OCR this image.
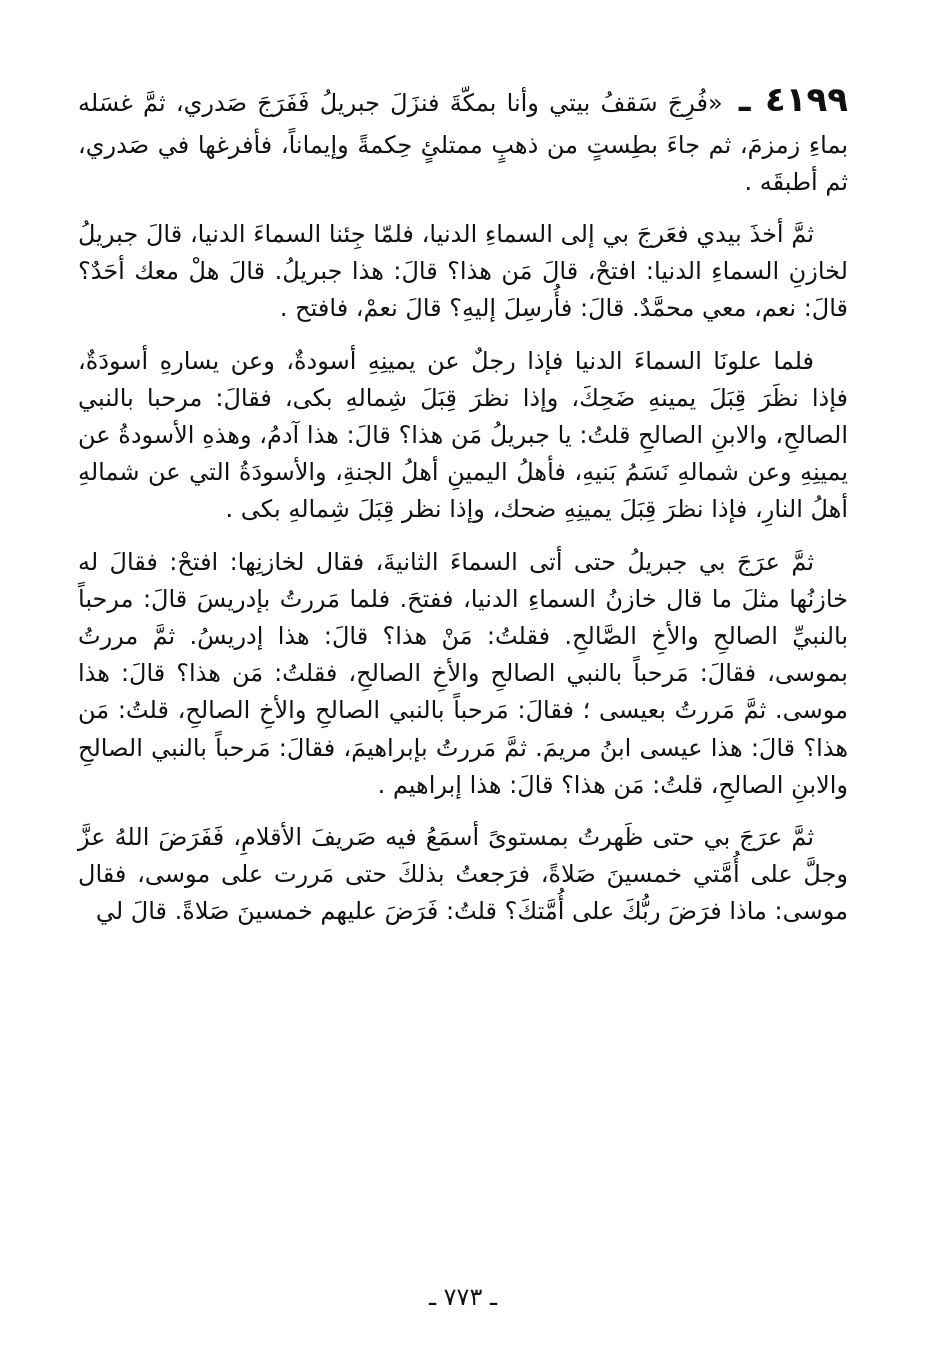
٤١٩٩ ـ «فُرِجَ سَقفُ بيتي وأنا بمكّةَ فنزَلَ جبريلُ فَفَرَجَ صَدري، ثمَّ غسَله بماءِ زمزمَ، ثم جاءَ بطِستٍ من ذهبٍ ممتلئٍ حِكمةً وإيماناً، فأفرغها في صَدري، ثم أطبقَه .

ثمَّ أخذَ بيدي فعَرجَ بي إلى السماءِ الدنيا، فلمّا جِئنا السماءَ الدنيا، قالَ جبريلُ لخازنِ السماءِ الدنيا: افتحْ، قالَ مَن هذا؟ قالَ: هذا جبريلُ. قالَ هلْ معك أحَدٌ؟ قالَ: نعم، معي محمَّدٌ. قالَ: فأُرسِلَ إليهِ؟ قالَ نعمْ، فافتح .

فلما علونَا السماءَ الدنيا فإذا رجلٌ عن يمينِهِ أسودةٌ، وعن يسارهِ أسودَةٌ، فإذا نظَرَ قِبَلَ يمينهِ ضَحِكَ، وإذا نظرَ قِبَلَ شِمالهِ بكى، فقالَ: مرحبا بالنبي الصالحِ، والابنِ الصالحِ قلتُ: يا جبريلُ مَن هذا؟ قالَ: هذا آدمُ، وهذهِ الأسودةُ عن يمينِهِ وعن شمالهِ نَسَمُ بَنيهِ، فأهلُ اليمينِ أهلُ الجنةِ، والأسودَةُ التي عن شمالهِ أهلُ النارِ، فإذا نظرَ قِبَلَ يمينِهِ ضحك، وإذا نظر قِبَلَ شِمالهِ بكى .

ثمَّ عرَجَ بي جبريلُ حتى أتى السماءَ الثانيةَ، فقال لخازنِها: افتحْ: فقالَ له خازنُها مثلَ ما قال خازنُ السماءِ الدنيا، ففتحَ. فلما مَررتُ بإدريسَ قالَ: مرحباً بالنبيِّ الصالحِ والأخِ الصَّالحِ. فقلتُ: مَنْ هذا؟ قالَ: هذا إدريسُ. ثمَّ مررتُ بموسى، فقالَ: مَرحباً بالنبي الصالحِ والأخِ الصالحِ، فقلتُ: مَن هذا؟ قالَ: هذا موسى. ثمَّ مَررتُ بعيسى ؛ فقالَ: مَرحباً بالنبي الصالحِ والأخِ الصالحِ، قلتُ: مَن هذا؟ قالَ: هذا عيسى ابنُ مريمَ. ثمَّ مَررتُ بإبراهيمَ، فقالَ: مَرحباً بالنبي الصالحِ والابنِ الصالحِ، قلتُ: مَن هذا؟ قالَ: هذا إبراهيم .

ثمَّ عرَجَ بي حتى ظَهرتُ بمستوىً أسمَعُ فيه صَريفَ الأقلامِ، فَفَرَضَ اللهُ عزَّ وجلَّ على أُمَّتي خمسينَ صَلاةً، فرَجعتُ بذلكَ حتى مَررت على موسى، فقال موسى: ماذا فرَضَ ربُّكَ على أُمَّتكَ؟ قلتُ: فَرَضَ عليهم خمسينَ صَلاةً. قالَ لي

ـ ٧٧٣ ـ
